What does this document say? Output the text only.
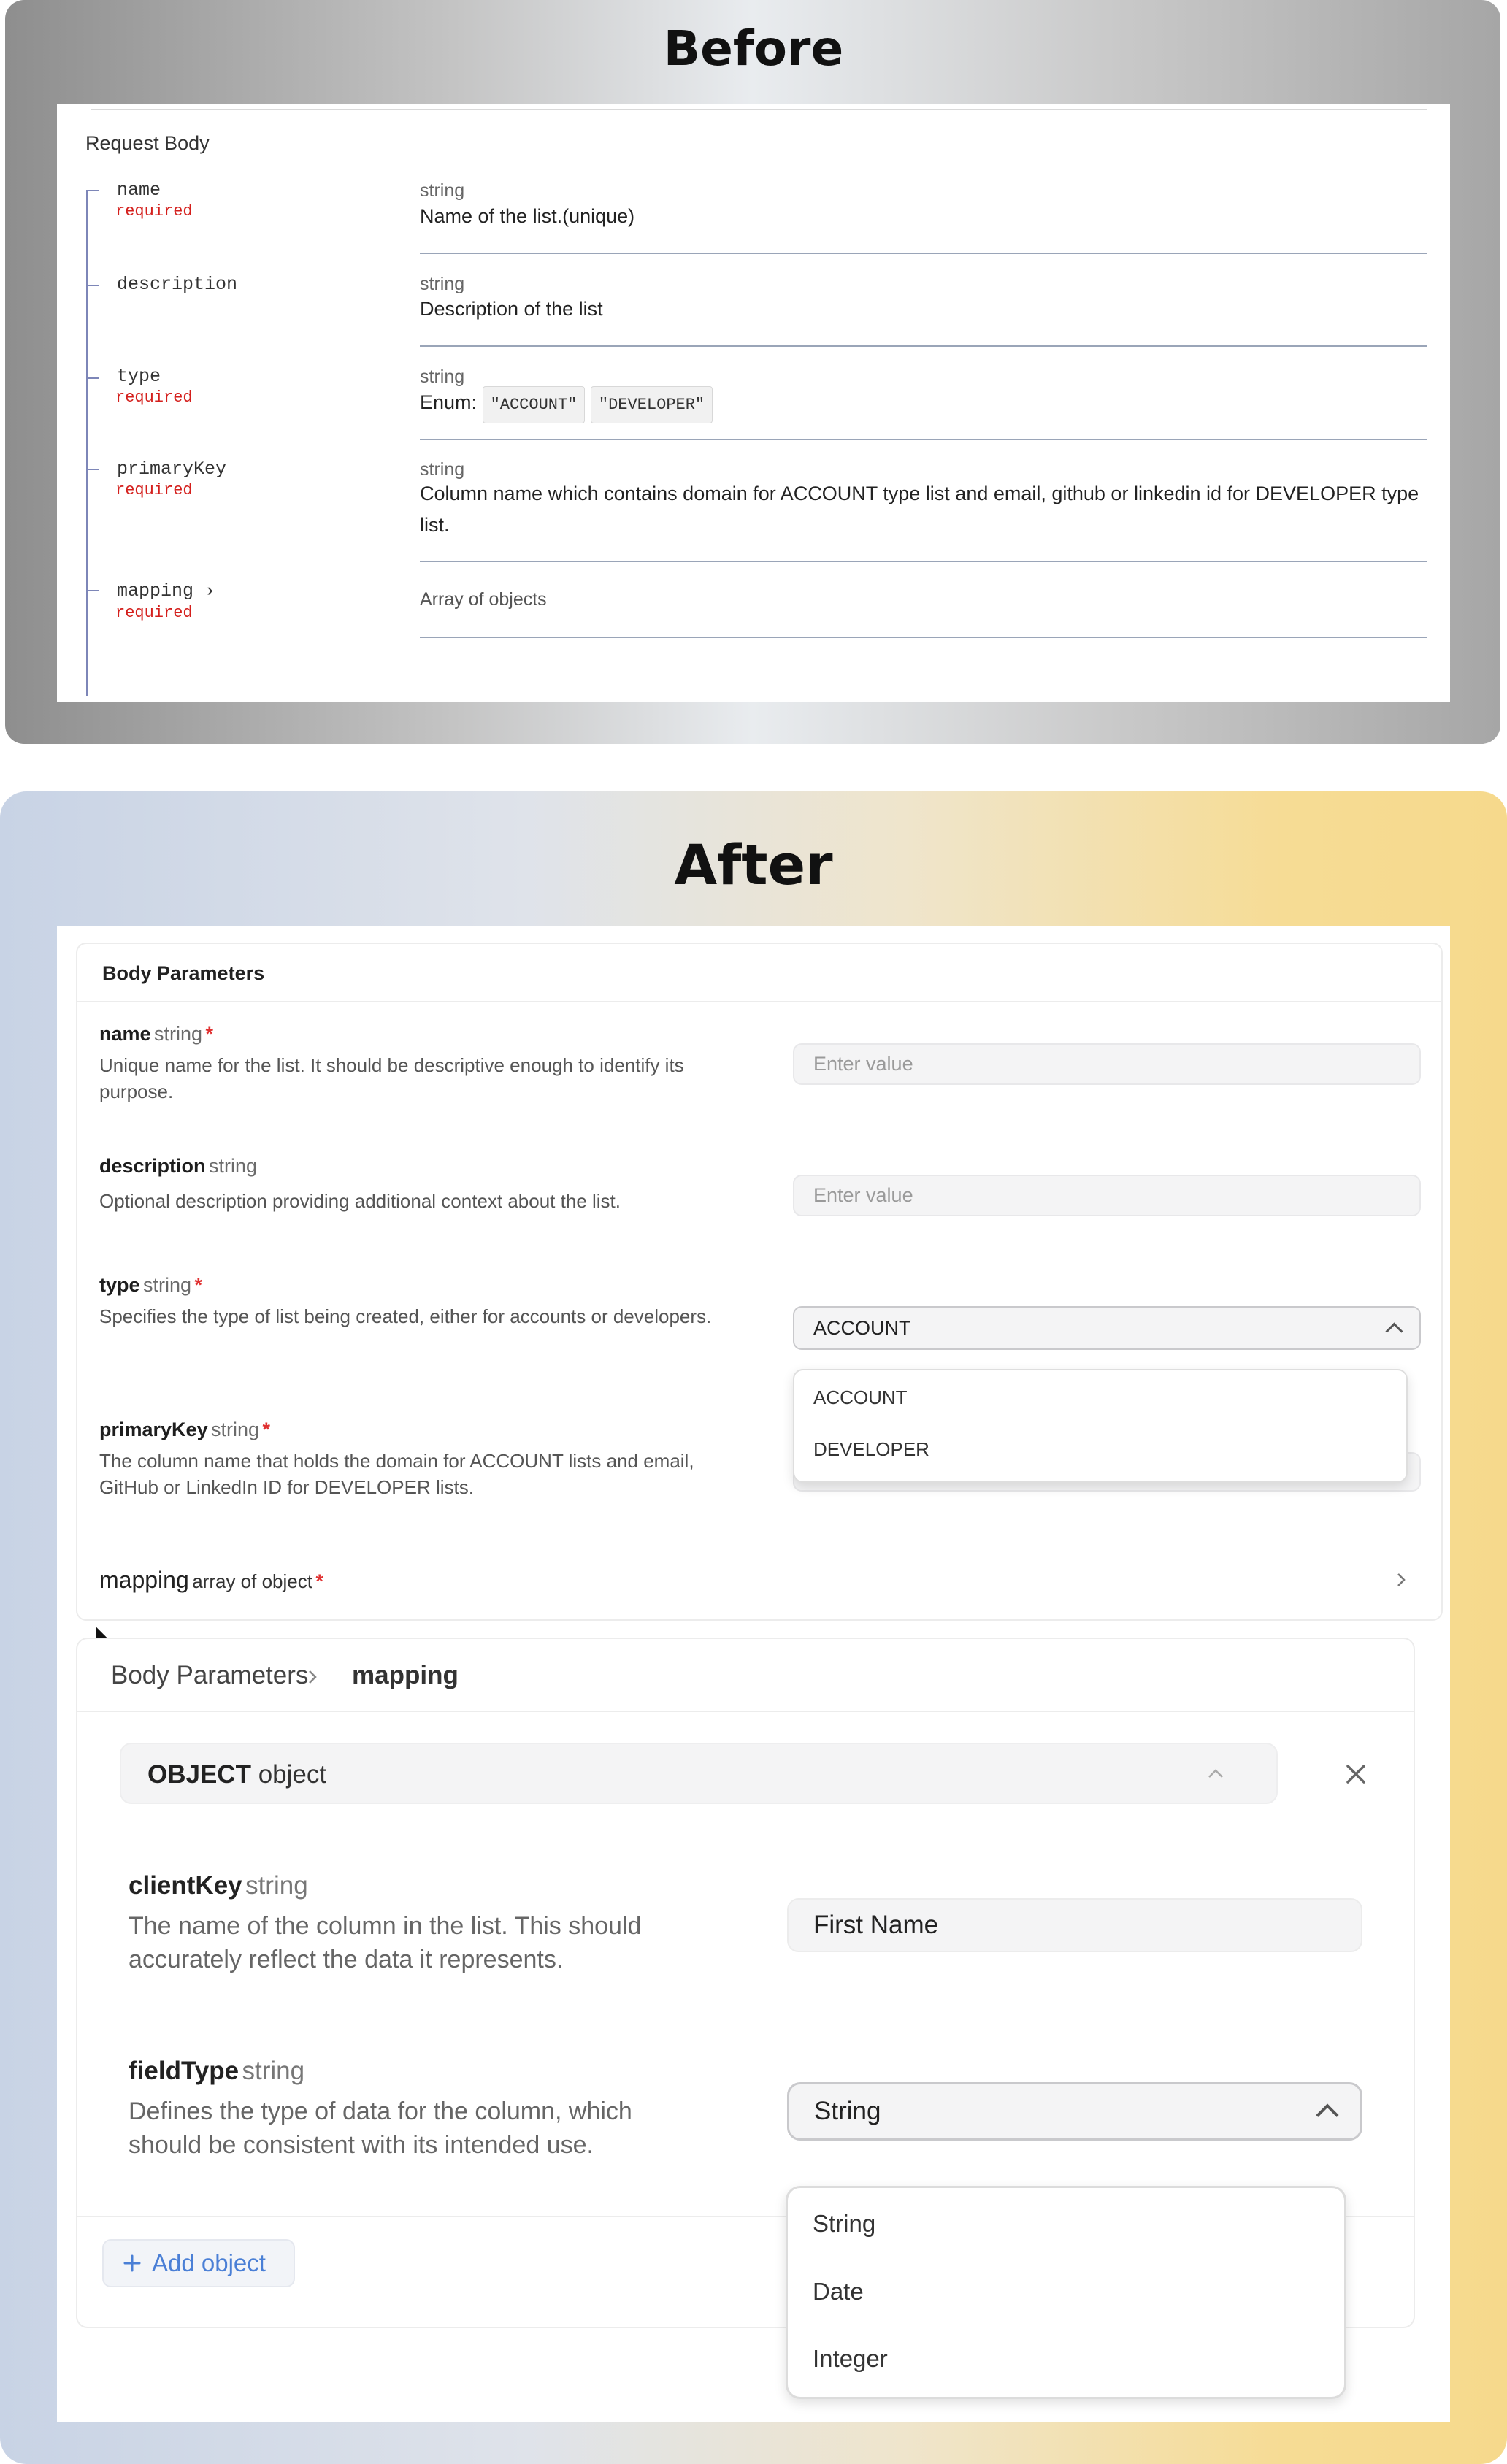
Before
Request Body
name
required
string
Name of the list.(unique)
description	string
Description of the list
type
required
string
Enum: "ACCOUNT" "DEVELOPER"
primaryKey
required
string
Column name which contains domain for ACCOUNT type list and email, github or linkedin id for DEVELOPER type list.
mapping ›
required
Array of objects
After
Body Parameters
name string *
Unique name for the list. It should be descriptive enough to identify its purpose.
Enter value
description string
Optional description providing additional context about the list.	Enter value
type string *
Specifies the type of list being created, either for accounts or developers.
ACCOUNT
primaryKey string *
The column name that holds the domain for ACCOUNT lists and email, GitHub or LinkedIn ID for DEVELOPER lists.
ACCOUNT
DEVELOPER
mapping array of object *
Body Parameters mapping
OBJECT object
clientKey string
The name of the column in the list. This should accurately reflect the data it represents.
First Name
fieldType string
Defines the type of data for the column, which should be consistent with its intended use.
String
Add object
String
Date
Integer
